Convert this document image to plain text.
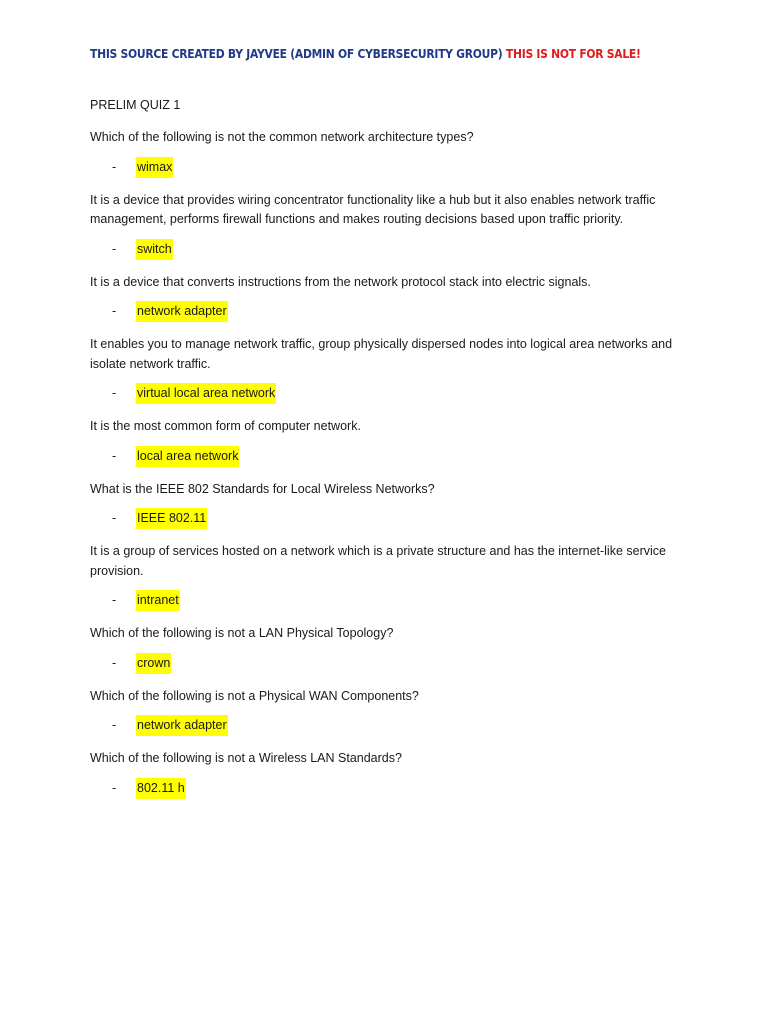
THIS SOURCE CREATED BY JAYVEE (ADMIN OF CYBERSECURITY GROUP) THIS IS NOT FOR SALE!
PRELIM QUIZ 1

Which of the following is not the common network architecture types?

-	wimax

It is a device that provides wiring concentrator functionality like a hub but it also enables network traffic management, performs firewall functions and makes routing decisions based upon traffic priority.

-	switch

It is a device that converts instructions from the network protocol stack into electric signals.

-	network adapter

It enables you to manage network traffic, group physically dispersed nodes into logical area networks and isolate network traffic.

-	virtual local area network

It is the most common form of computer network.

-	local area network

What is the IEEE 802 Standards for Local Wireless Networks?

-	IEEE 802.11

It is a group of services hosted on a network which is a private structure and has the internet-like service provision.

-	intranet

Which of the following is not a LAN Physical Topology?

-	crown

Which of the following is not a Physical WAN Components?

-	network adapter

Which of the following is not a Wireless LAN Standards?

-	802.11 h
